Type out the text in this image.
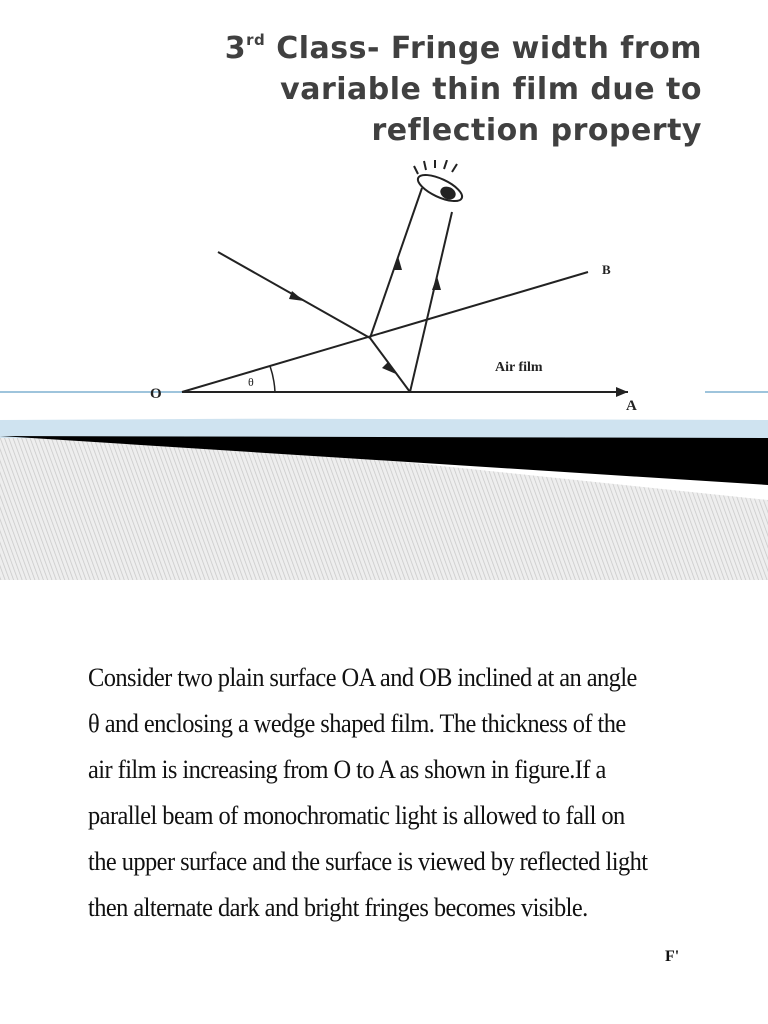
3rd Class- Fringe width from
variable thin film due to
reflection property
O
A
B
θ
Air film
Consider two plain surface OA and OB inclined at an angle
θ and enclosing a wedge shaped film. The thickness of the
air film is increasing from O to A as shown in figure.If a
parallel beam of monochromatic light is allowed to fall on
the upper surface and the surface is viewed by reflected light
then alternate dark and bright fringes becomes visible.
F'
